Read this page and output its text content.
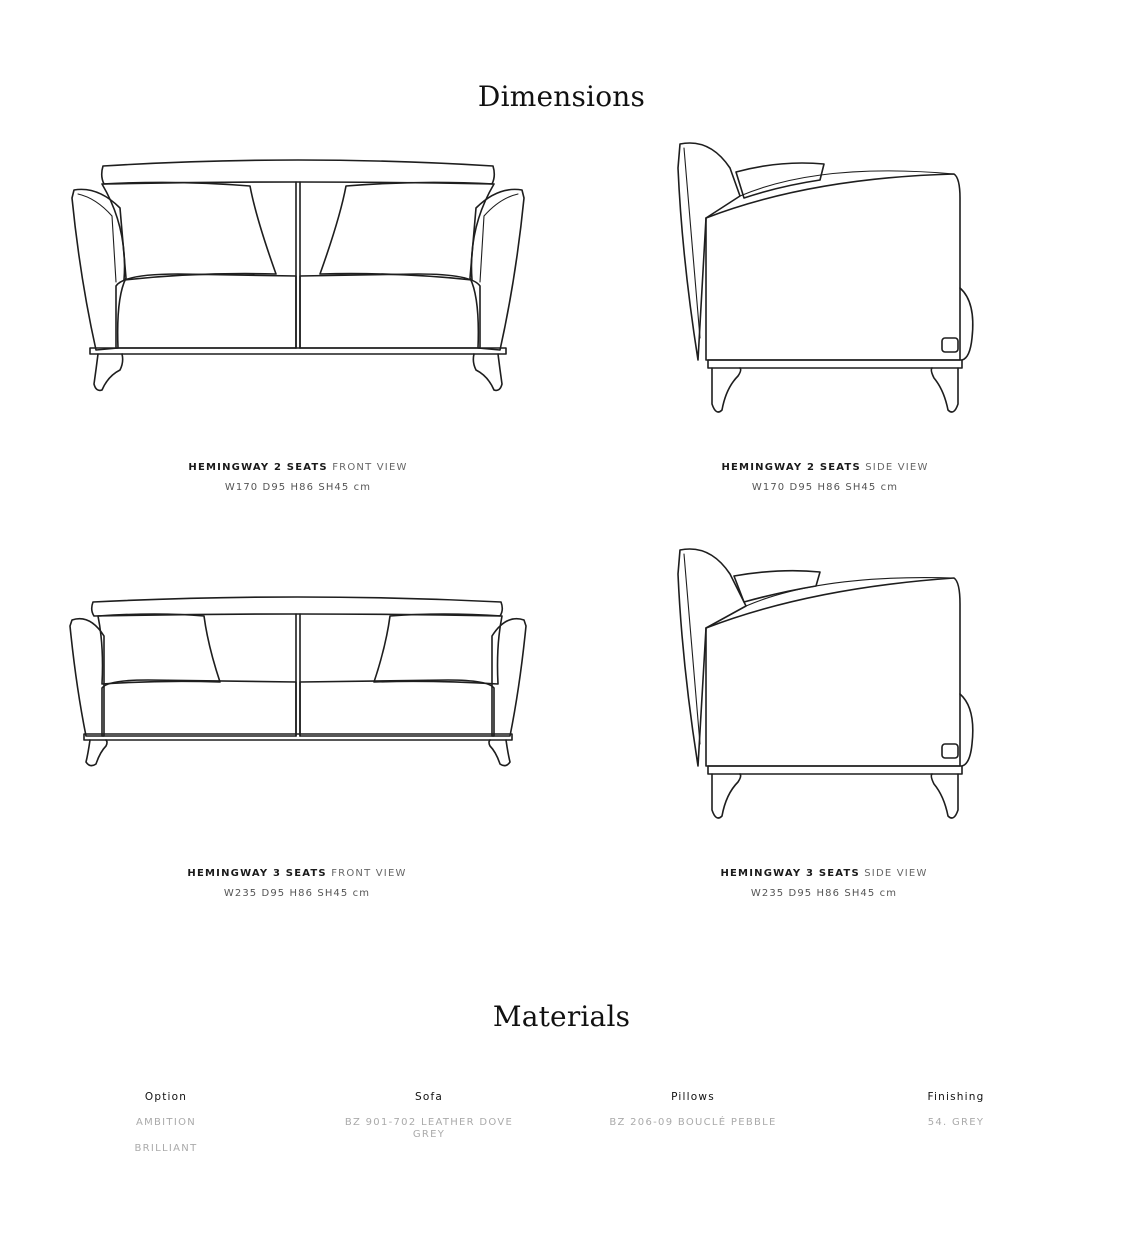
Dimensions
HEMINGWAY 2 SEATS FRONT VIEW
W170 D95 H86 SH45 cm
HEMINGWAY 2 SEATS SIDE VIEW
W170 D95 H86 SH45 cm
HEMINGWAY 3 SEATS FRONT VIEW
W235 D95 H86 SH45 cm
HEMINGWAY 3 SEATS SIDE VIEW
W235 D95 H86 SH45 cm
Materials
Option
AMBITION
BRILLIANT
Sofa
BZ 901-702 LEATHER DOVE GREY
Pillows
BZ 206-09 BOUCLÉ PEBBLE
Finishing
54. GREY
